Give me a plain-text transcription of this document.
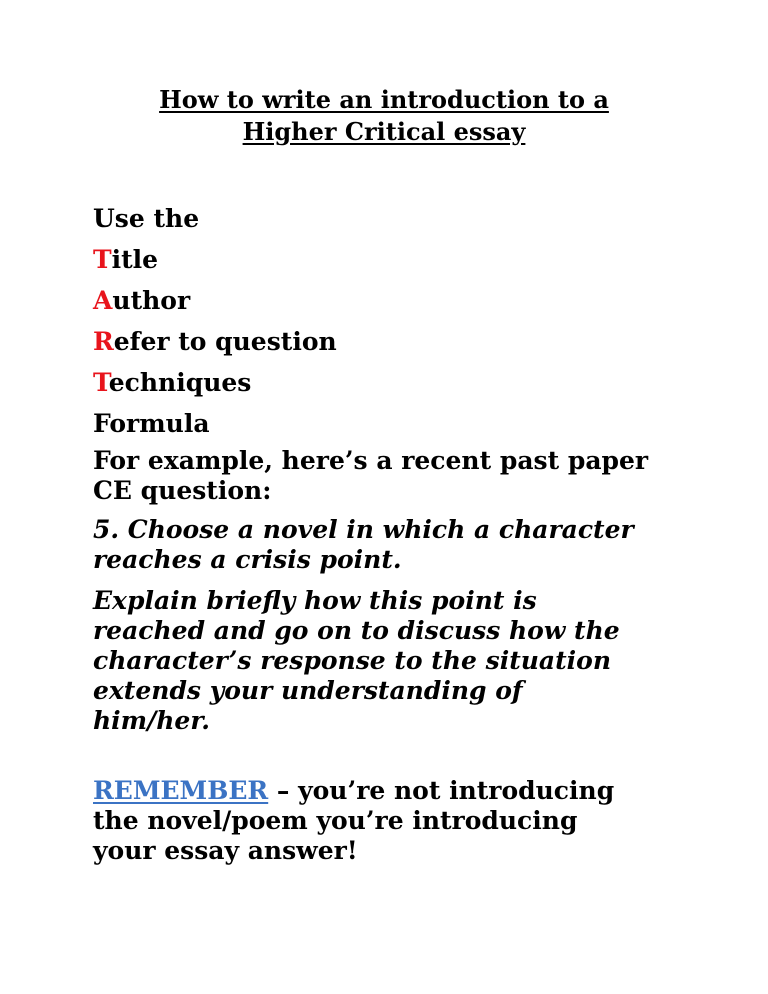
How to write an introduction to a
Higher Critical essay
Use the
Title
Author
Refer to question
Techniques
Formula

For example, here’s a recent past paper
CE question:

5. Choose a novel in which a character
reaches a crisis point.

Explain briefly how this point is
reached and go on to discuss how the
character’s response to the situation
extends your understanding of
him/her.

REMEMBER – you’re not introducing
the novel/poem you’re introducing
your essay answer!
